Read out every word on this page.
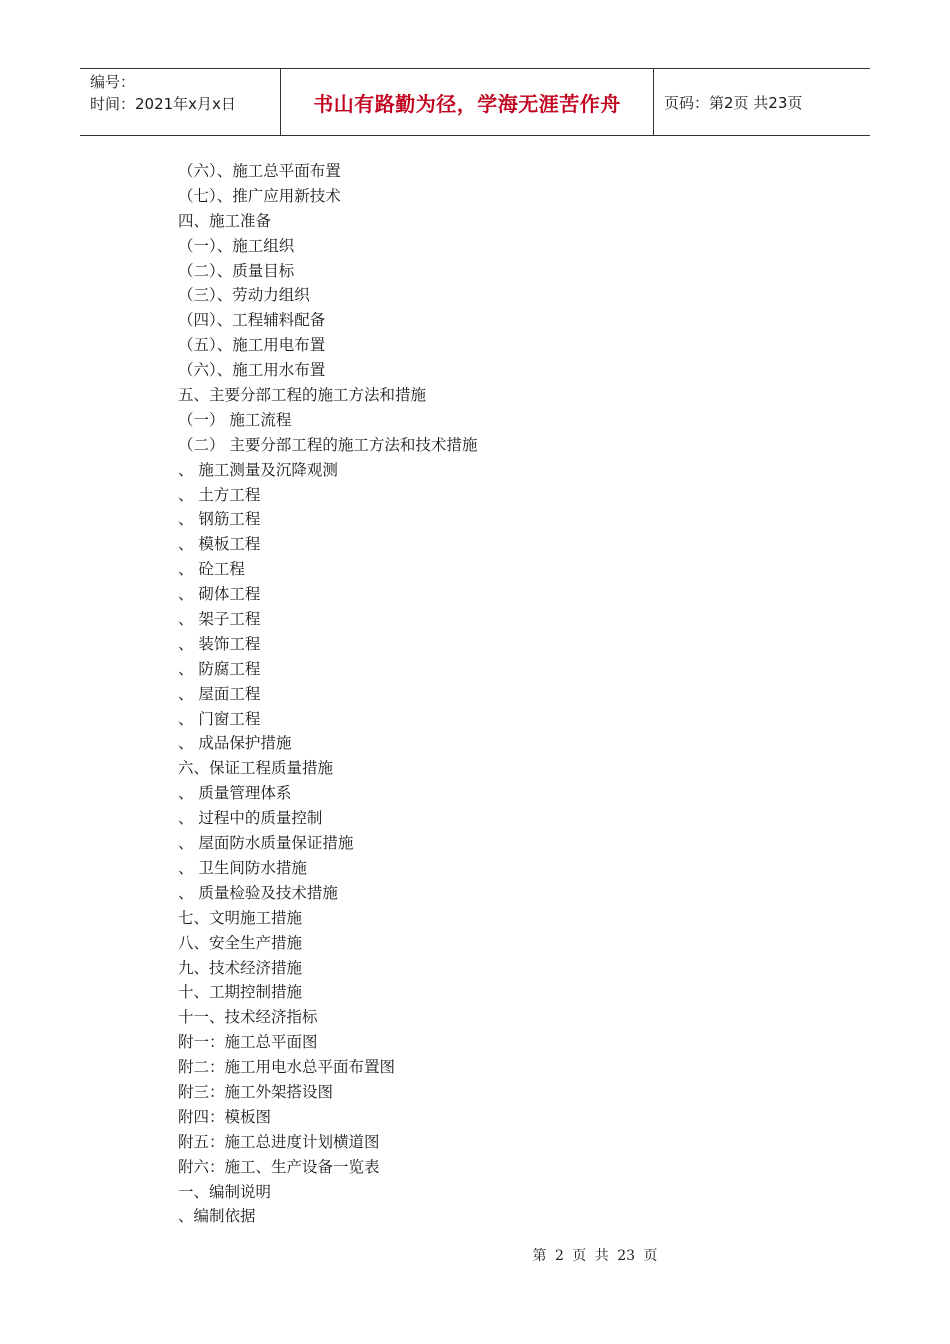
编号：
时间：2021年x月x日	书山有路勤为径，学海无涯苦作舟	页码：第2页 共23页
（六）、施工总平面布置
（七）、推广应用新技术
四、施工准备
（一）、施工组织
（二）、质量目标
（三）、劳动力组织
（四）、工程辅料配备
（五）、施工用电布置
（六）、施工用水布置
五、主要分部工程的施工方法和措施
（一） 施工流程
（二） 主要分部工程的施工方法和技术措施
、 施工测量及沉降观测
、 土方工程
、 钢筋工程
、 模板工程
、 砼工程
、 砌体工程
、 架子工程
、 装饰工程
、 防腐工程
、 屋面工程
、 门窗工程
、 成品保护措施
六、保证工程质量措施
、 质量管理体系
、 过程中的质量控制
、 屋面防水质量保证措施
、 卫生间防水措施
、 质量检验及技术措施
七、文明施工措施
八、安全生产措施
九、技术经济措施
十、工期控制措施
十一、技术经济指标
附一：施工总平面图
附二：施工用电水总平面布置图
附三：施工外架搭设图
附四：模板图
附五：施工总进度计划横道图
附六：施工、生产设备一览表
一、编制说明
、编制依据
第 2 页 共 23 页
